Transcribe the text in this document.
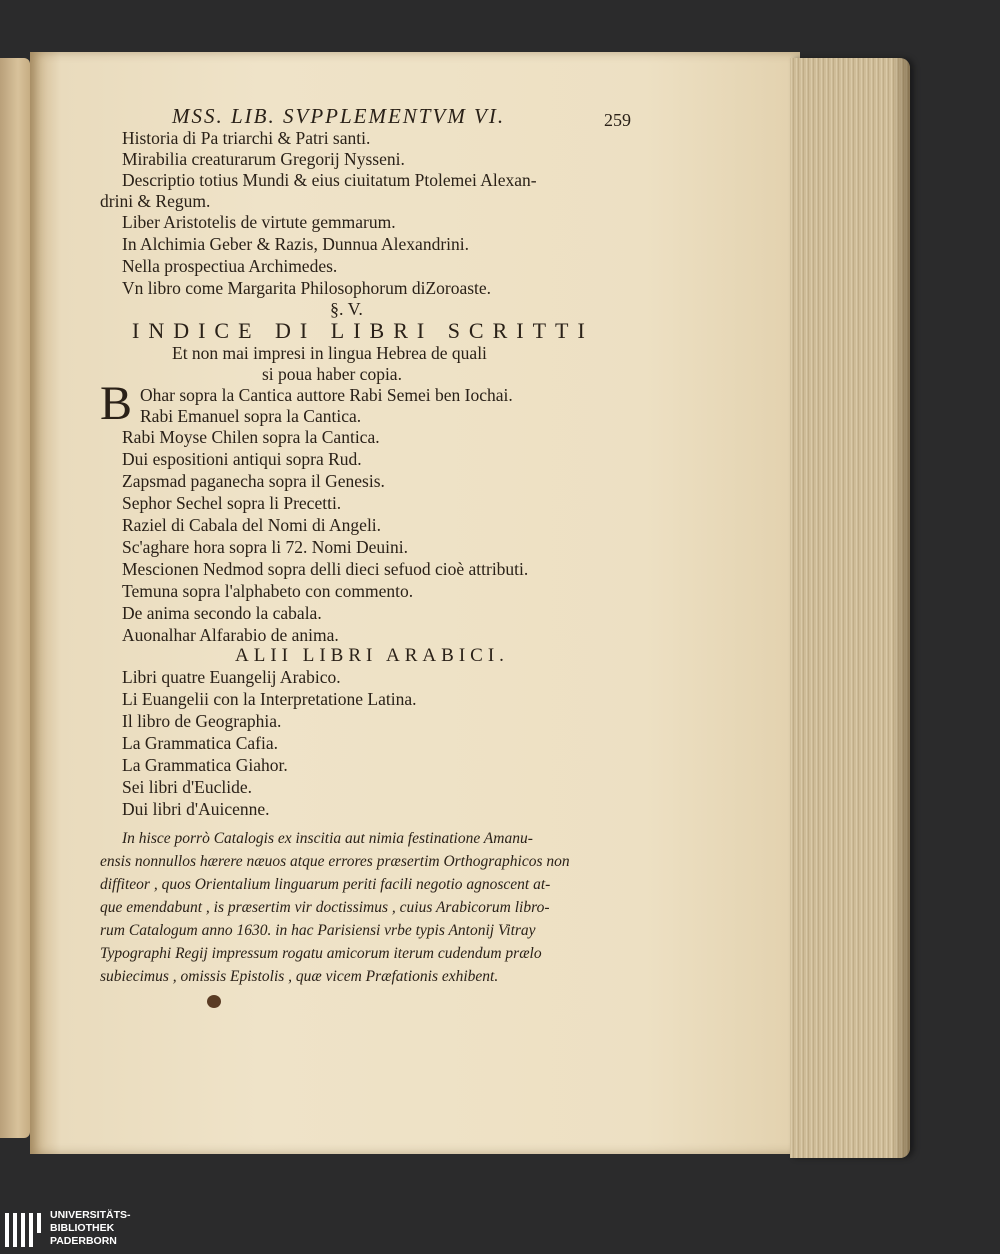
MSS. LIB. SVPPLEMENTVM VI.	259
Historia di Pa triarchi & Patri santi.
Mirabilia creaturarum Gregorij Nysseni.
Descriptio totius Mundi & eius ciuitatum Ptolemei Alexan-
drini & Regum.
Liber Aristotelis de virtute gemmarum.
In Alchimia Geber & Razis, Dunnua Alexandrini.
Nella prospectiua Archimedes.
Vn libro come Margarita Philosophorum diZoroaste.
§. V.
INDICE DI LIBRI SCRITTI
Et non mai impresi in lingua Hebrea de quali
si poua haber copia.
B Ohar sopra la Cantica auttore Rabi Semei ben Iochai.
Rabi Emanuel sopra la Cantica.
Rabi Moyse Chilen sopra la Cantica.
Dui espositioni antiqui sopra Rud.
Zapsmad paganecha sopra il Genesis.
Sephor Sechel sopra li Precetti.
Raziel di Cabala del Nomi di Angeli.
Sc'aghare hora sopra li 72. Nomi Deuini.
Mescionen Nedmod sopra delli dieci sefuod cioè attributi.
Temuna sopra l'alphabeto con commento.
De anima secondo la cabala.
Auonalhar Alfarabio de anima.
ALII LIBRI ARABICI.
Libri quatre Euangelij Arabico.
Li Euangelii con la Interpretatione Latina.
Il libro de Geographia.
La Grammatica Cafia.
La Grammatica Giahor.
Sei libri d'Euclide.
Dui libri d'Auicenne.
In hisce porrò Catalogis ex inscitia aut nimia festinatione Amanu-
ensis nonnullos hærere næuos atque errores præsertim Orthographicos non
diffiteor , quos Orientalium linguarum periti facili negotio agnoscent at-
que emendabunt , is præsertim vir doctissimus , cuius Arabicorum libro-
rum Catalogum anno 1630. in hac Parisiensi vrbe typis Antonij Vitray
Typographi Regij impressum rogatu amicorum iterum cudendum prælo
subiecimus , omissis Epistolis , quæ vicem Præfationis exhibent.
UNIVERSITÄTS-
BIBLIOTHEK
PADERBORN
